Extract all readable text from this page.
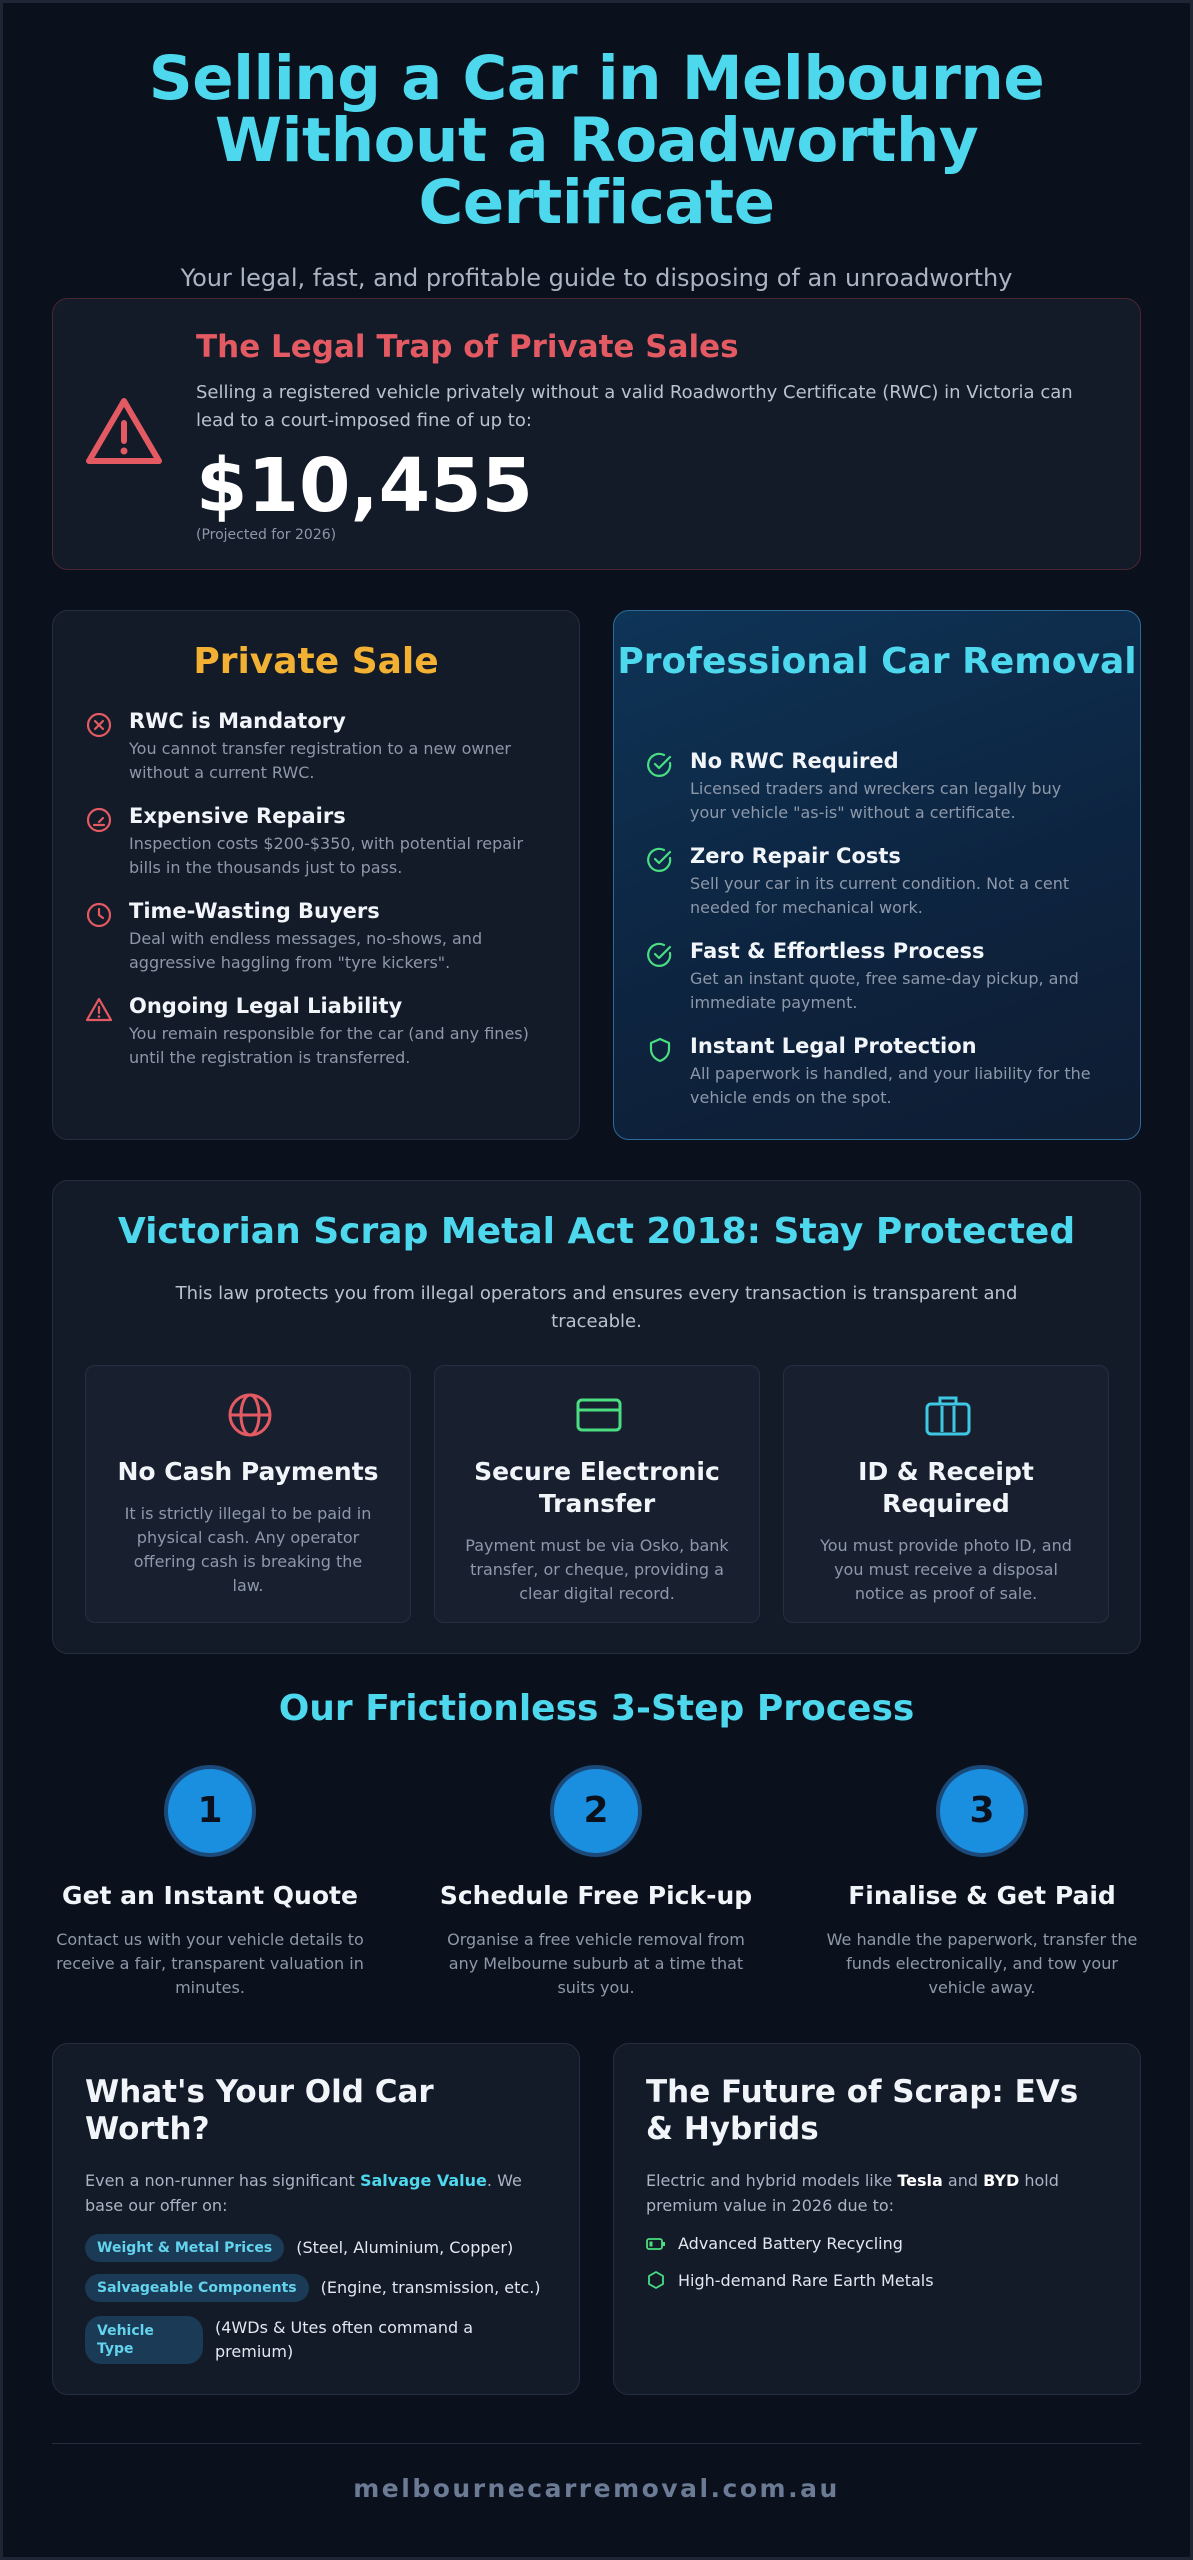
Selling a Car in Melbourne
Without a Roadworthy Certificate

Your legal, fast, and profitable guide to disposing of an unroadworthy

The Legal Trap of Private Sales

Selling a registered vehicle privately without a valid Roadworthy Certificate (RWC) in Victoria can lead to a court-imposed fine of up to:

$10,455
(Projected for 2026)
Private Sale
RWC is Mandatory
You cannot transfer registration to a new owner without a current RWC.
Expensive Repairs
Inspection costs $200-$350, with potential repair bills in the thousands just to pass.
Time-Wasting Buyers
Deal with endless messages, no-shows, and aggressive haggling from "tyre kickers".
Ongoing Legal Liability
You remain responsible for the car (and any fines) until the registration is transferred.
Professional Car Removal
No RWC Required
Licensed traders and wreckers can legally buy your vehicle "as-is" without a certificate.
Zero Repair Costs
Sell your car in its current condition. Not a cent needed for mechanical work.
Fast & Effortless Process
Get an instant quote, free same-day pickup, and immediate payment.
Instant Legal Protection
All paperwork is handled, and your liability for the vehicle ends on the spot.
Victorian Scrap Metal Act 2018: Stay Protected

This law protects you from illegal operators and ensures every transaction is transparent and traceable.

No Cash Payments

It is strictly illegal to be paid in physical cash. Any operator offering cash is breaking the law.

Secure Electronic Transfer

Payment must be via Osko, bank transfer, or cheque, providing a clear digital record.

ID & Receipt Required

You must provide photo ID, and you must receive a disposal notice as proof of sale.

Our Frictionless 3-Step Process
1
Get an Instant Quote

Contact us with your vehicle details to receive a fair, transparent valuation in minutes.

2
Schedule Free Pick-up

Organise a free vehicle removal from any Melbourne suburb at a time that suits you.

3
Finalise & Get Paid

We handle the paperwork, transfer the funds electronically, and tow your vehicle away.

What's Your Old Car Worth?

Even a non-runner has significant Salvage Value. We base our offer on:

Weight & Metal Prices	(Steel, Aluminium, Copper)
Salvageable Components	(Engine, transmission, etc.)
Vehicle Type
(4WDs & Utes often command a premium)
The Future of Scrap: EVs & Hybrids

Electric and hybrid models like Tesla and BYD hold premium value in 2026 due to:

Advanced Battery Recycling
High-demand Rare Earth Metals
melbournecarremoval.com.au
